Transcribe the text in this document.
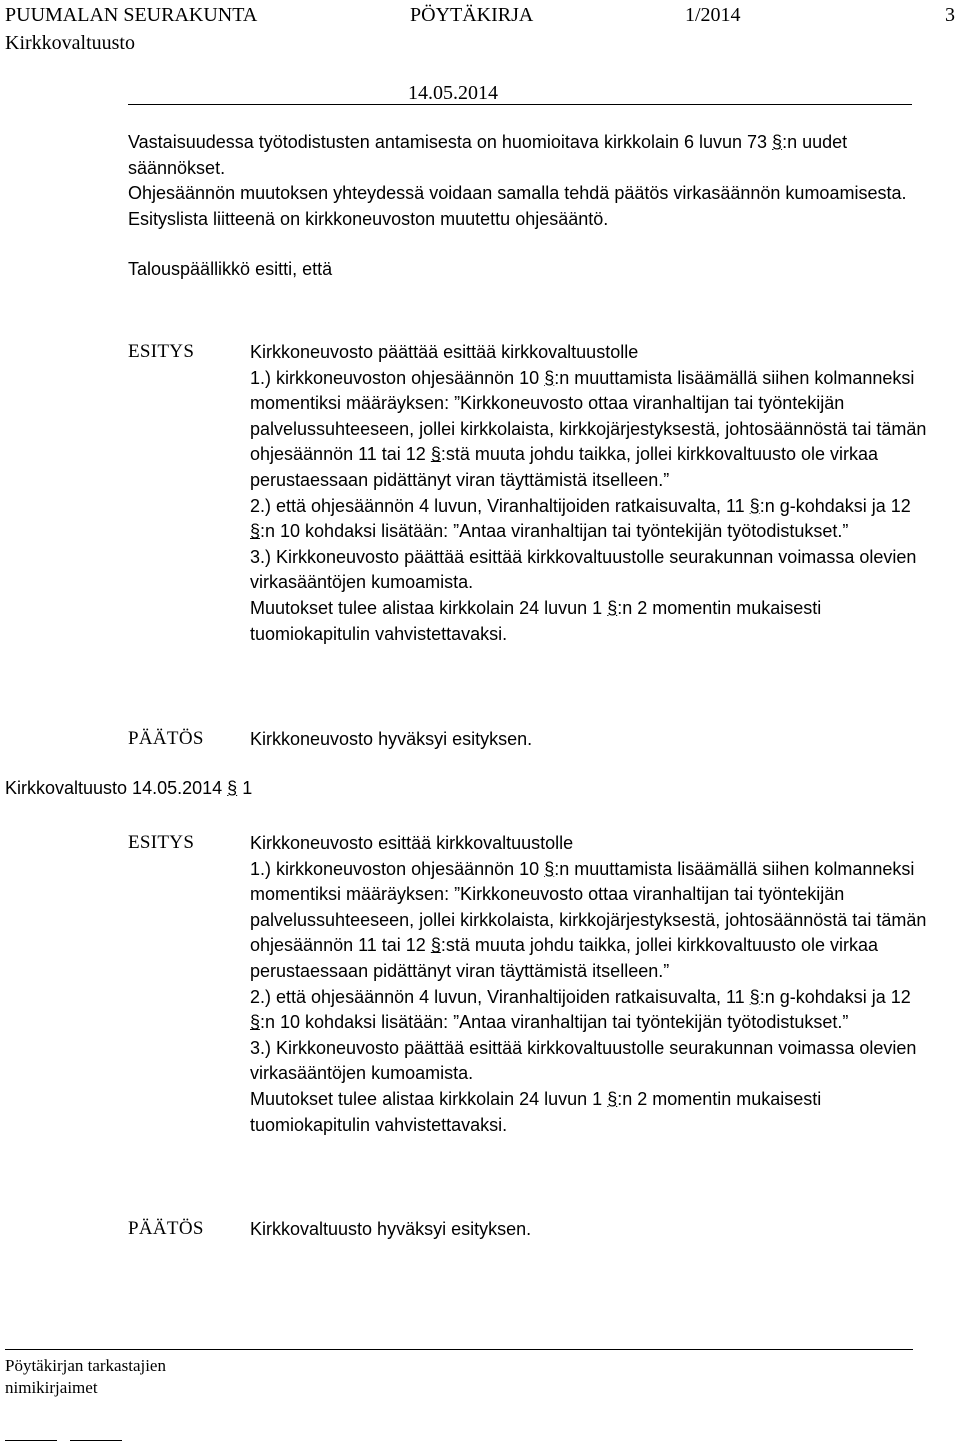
PUUMALAN SEURAKUNTA	PÖYTÄKIRJA	1/2014	3
Kirkkovaltuusto
14.05.2014

Vastaisuudessa työtodistusten antamisesta on huomioitava kirkkolain 6 luvun 73 §:n uudet säännökset.

Ohjesäännön muutoksen yhteydessä voidaan samalla tehdä päätös virkasäännön kumoamisesta.

Esityslista liitteenä on kirkkoneuvoston muutettu ohjesääntö.

Talouspäällikkö esitti, että

ESITYS	Kirkkoneuvosto päättää esittää kirkkovaltuustolle

1.) kirkkoneuvoston ohjesäännön 10 §:n muuttamista lisäämällä siihen kolmanneksi momentiksi määräyksen: ”Kirkkoneuvosto ottaa viranhaltijan tai työntekijän palvelussuhteeseen, jollei kirkkolaista, kirkkojärjestyksestä, johtosäännöstä tai tämän ohjesäännön 11 tai 12 §:stä muuta johdu taikka, jollei kirkkovaltuusto ole virkaa perustaessaan pidättänyt viran täyttämistä itselleen.”

2.) että ohjesäännön 4 luvun, Viranhaltijoiden ratkaisuvalta, 11 §:n g-kohdaksi ja 12 §:n 10 kohdaksi lisätään: ”Antaa viranhaltijan tai työntekijän työtodistukset.”

3.) Kirkkoneuvosto päättää esittää kirkkovaltuustolle seurakunnan voimassa olevien virkasääntöjen kumoamista.

Muutokset tulee alistaa kirkkolain 24 luvun 1 §:n 2 momentin mukaisesti tuomiokapitulin vahvistettavaksi.

PÄÄTÖS	Kirkkoneuvosto hyväksyi esityksen.
Kirkkovaltuusto 14.05.2014 § 1
ESITYS	Kirkkoneuvosto esittää kirkkovaltuustolle

1.) kirkkoneuvoston ohjesäännön 10 §:n muuttamista lisäämällä siihen kolmanneksi momentiksi määräyksen: ”Kirkkoneuvosto ottaa viranhaltijan tai työntekijän palvelussuhteeseen, jollei kirkkolaista, kirkkojärjestyksestä, johtosäännöstä tai tämän ohjesäännön 11 tai 12 §:stä muuta johdu taikka, jollei kirkkovaltuusto ole virkaa perustaessaan pidättänyt viran täyttämistä itselleen.”

2.) että ohjesäännön 4 luvun, Viranhaltijoiden ratkaisuvalta, 11 §:n g-kohdaksi ja 12 §:n 10 kohdaksi lisätään: ”Antaa viranhaltijan tai työntekijän työtodistukset.”

3.) Kirkkoneuvosto päättää esittää kirkkovaltuustolle seurakunnan voimassa olevien virkasääntöjen kumoamista.

Muutokset tulee alistaa kirkkolain 24 luvun 1 §:n 2 momentin mukaisesti tuomiokapitulin vahvistettavaksi.

PÄÄTÖS	Kirkkovaltuusto hyväksyi esityksen.
Pöytäkirjan tarkastajien
nimikirjaimet
